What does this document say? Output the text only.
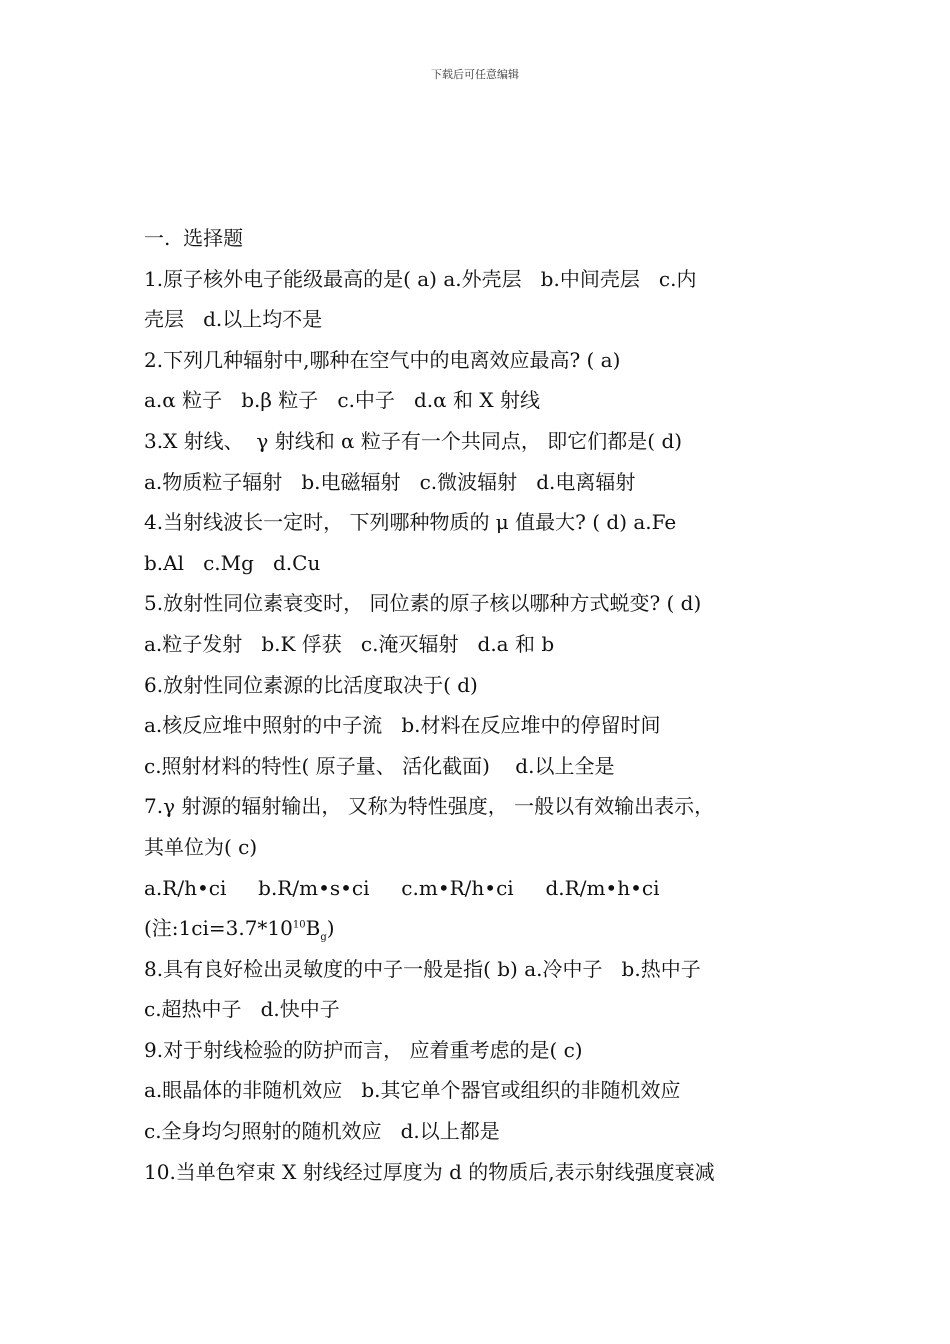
下载后可任意编辑
一.  选择题
1.原子核外电子能级最高的是( a) a.外壳层   b.中间壳层   c.内
壳层   d.以上均不是
2.下列几种辐射中,哪种在空气中的电离效应最高? ( a)
a.α 粒子   b.β 粒子   c.中子   d.α 和 X 射线
3.X 射线、  γ 射线和 α 粒子有一个共同点， 即它们都是( d)
a.物质粒子辐射   b.电磁辐射   c.微波辐射   d.电离辐射
4.当射线波长一定时， 下列哪种物质的 μ 值最大? ( d) a.Fe
b.Al   c.Mg   d.Cu
5.放射性同位素衰变时， 同位素的原子核以哪种方式蜕变? ( d)
a.粒子发射   b.K 俘获   c.淹灭辐射   d.a 和 b
6.放射性同位素源的比活度取决于( d)
a.核反应堆中照射的中子流   b.材料在反应堆中的停留时间
c.照射材料的特性( 原子量、 活化截面)    d.以上全是
7.γ 射源的辐射输出， 又称为特性强度， 一般以有效输出表示，
其单位为( c)
a.R/h•ci     b.R/m•s•ci     c.m•R/h•ci     d.R/m•h•ci
(注$:1ci=3.7*10^{10}B_g$)
8.具有良好检出灵敏度的中子一般是指( b) a.冷中子   b.热中子
c.超热中子   d.快中子
9.对于射线检验的防护而言， 应着重考虑的是( c)
a.眼晶体的非随机效应   b.其它单个器官或组织的非随机效应
c.全身均匀照射的随机效应   d.以上都是
10.当单色窄束 X 射线经过厚度为 d 的物质后,表示射线强度衰减
